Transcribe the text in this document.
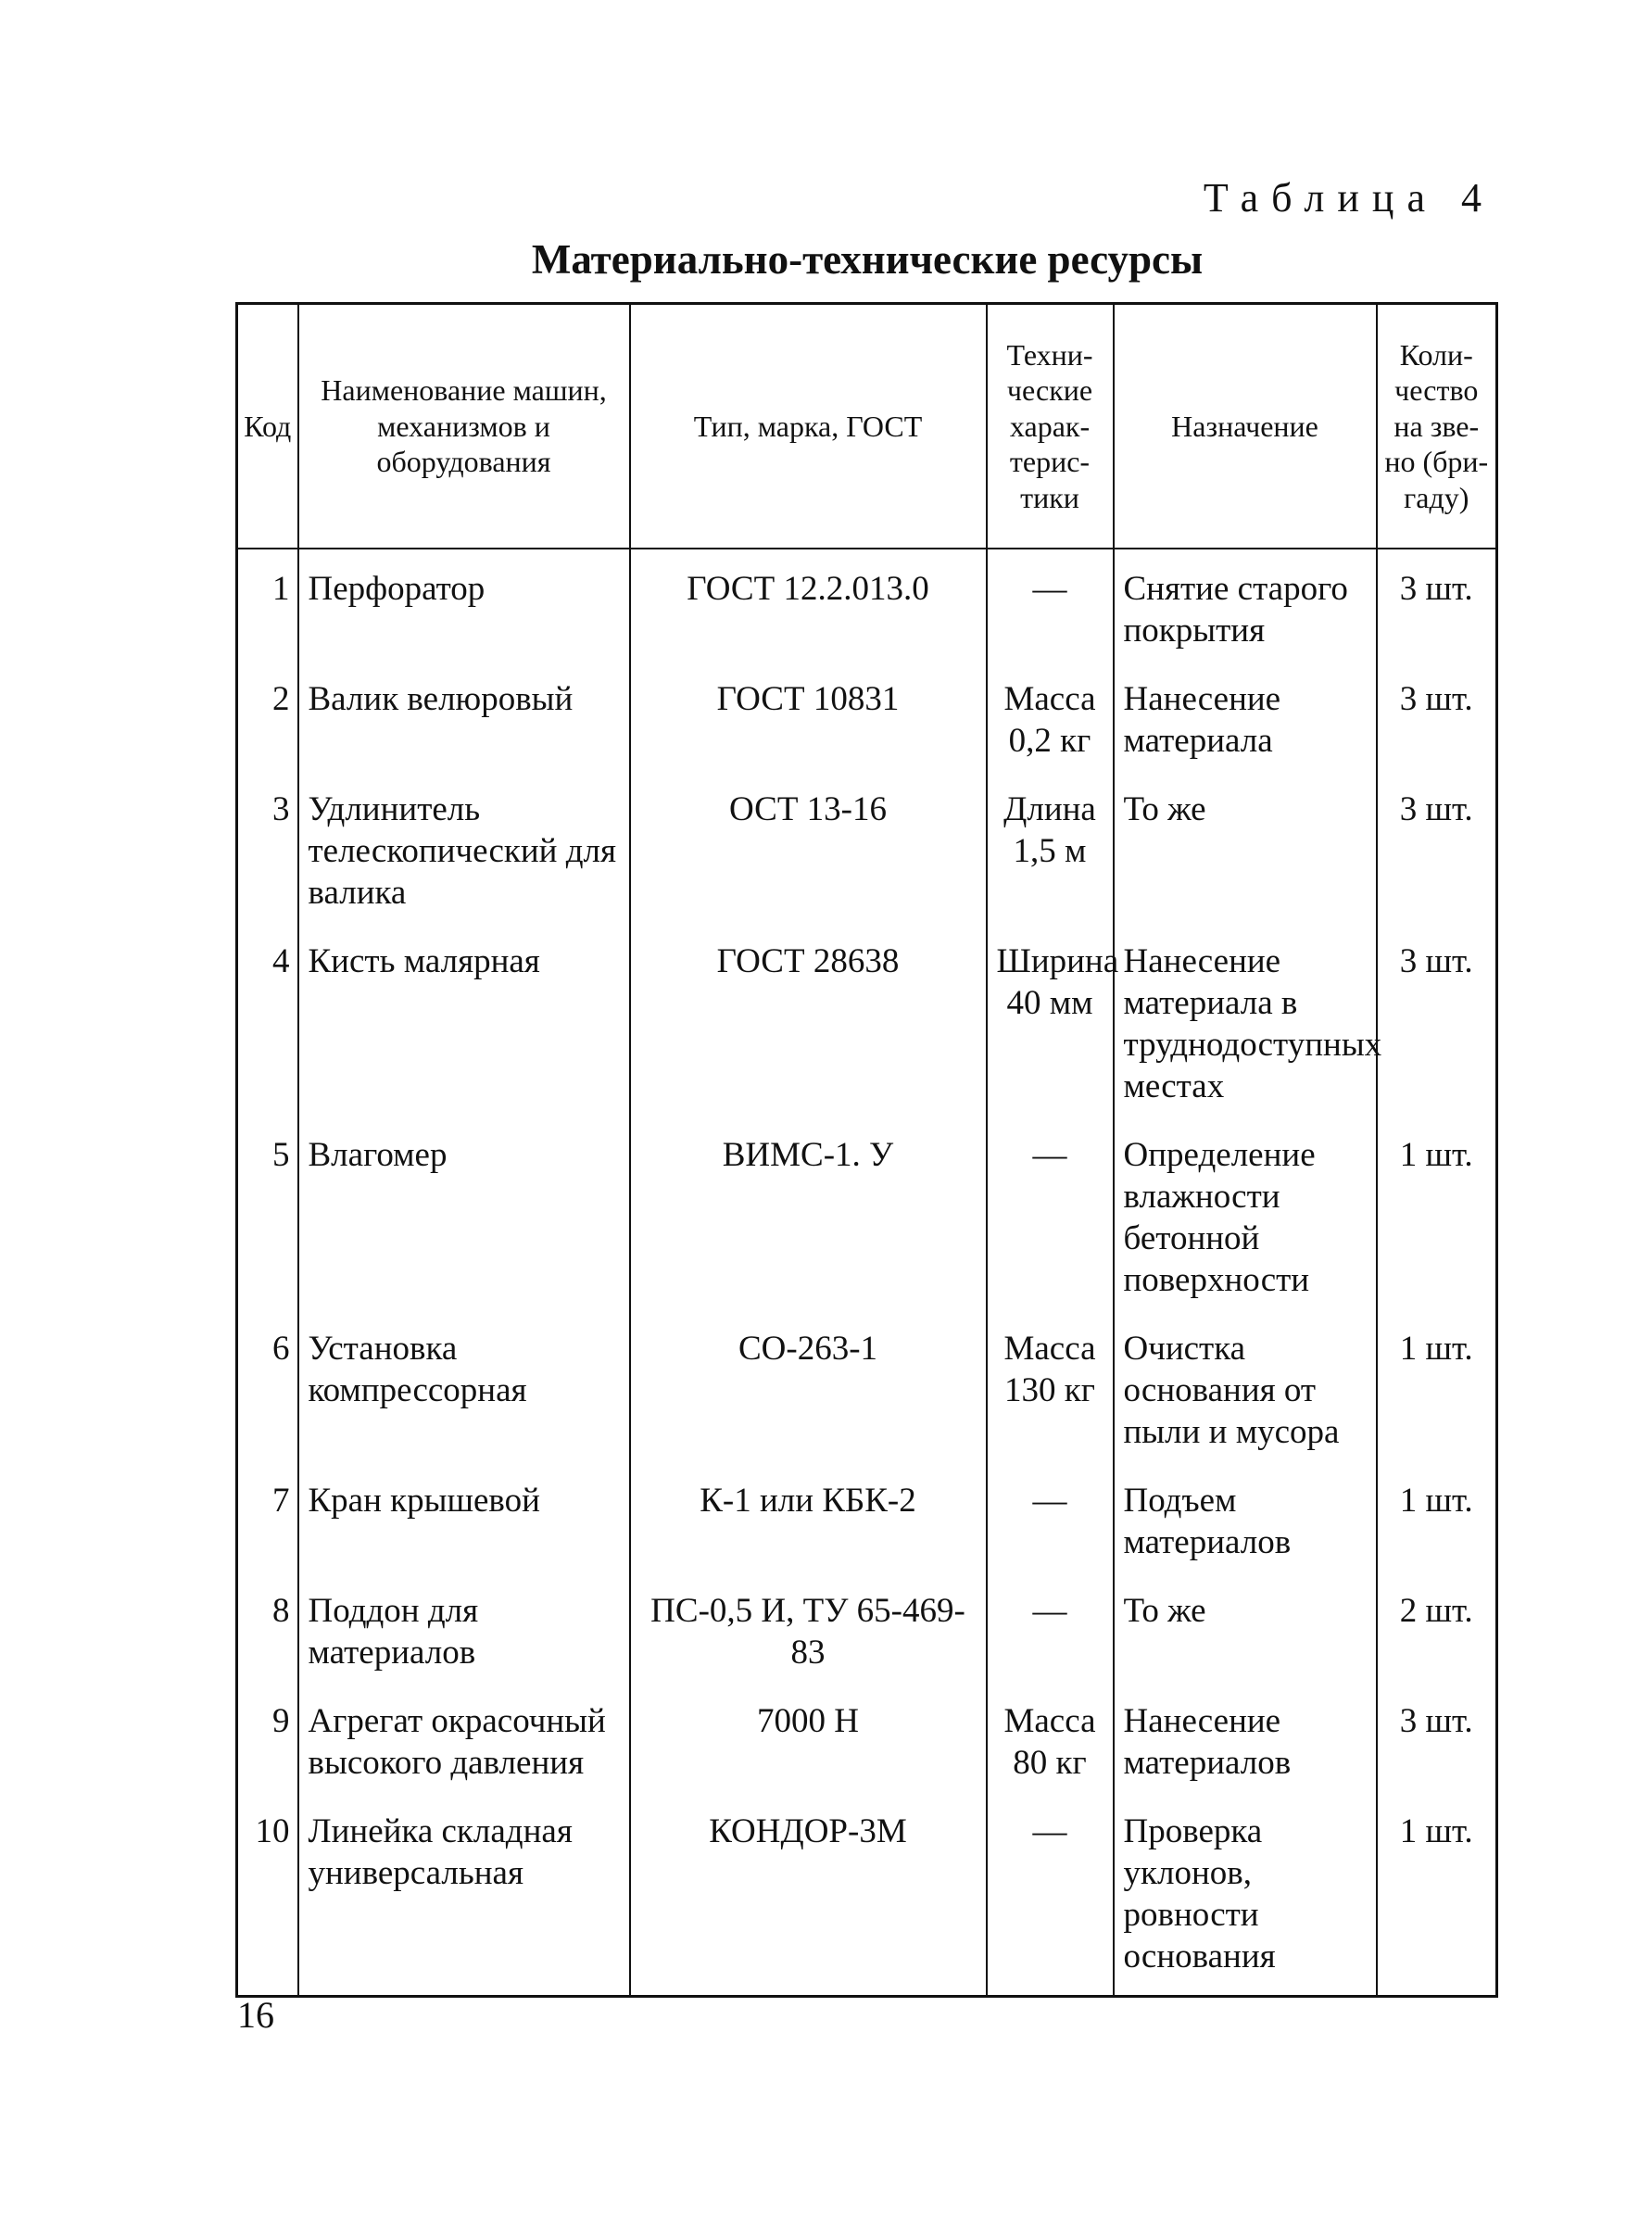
Таблица 4
Материально-технические ресурсы
Код	Наименование машин, механизмов и оборудования	Тип, марка, ГОСТ	Техни-ческие харак-терис-тики	Назначение	Коли-чество на зве-но (бри-гаду)
1	Перфоратор	ГОСТ 12.2.013.0	—	Снятие старого покрытия	3 шт.
2	Валик велюровый	ГОСТ 10831	Масса 0,2 кг	Нанесение материала	3 шт.
3	Удлинитель телескопический для валика	ОСТ 13-16	Длина 1,5 м	То же	3 шт.
4	Кисть малярная	ГОСТ 28638	Ширина 40 мм	Нанесение материала в труднодоступных местах	3 шт.
5	Влагомер	ВИМС-1. У	—	Определение влажности бетонной поверхности	1 шт.
6	Установка компрессорная	СО-263-1	Масса 130 кг	Очистка основания от пыли и мусора	1 шт.
7	Кран крышевой	К-1 или КБК-2	—	Подъем материалов	1 шт.
8	Поддон для материалов	ПС-0,5 И, ТУ 65-469-83	—	То же	2 шт.
9	Агрегат окрасочный высокого давления	7000 Н	Масса 80 кг	Нанесение материалов	3 шт.
10	Линейка складная универсальная	КОНДОР-3М	—	Проверка уклонов, ровности основания	1 шт.

16
